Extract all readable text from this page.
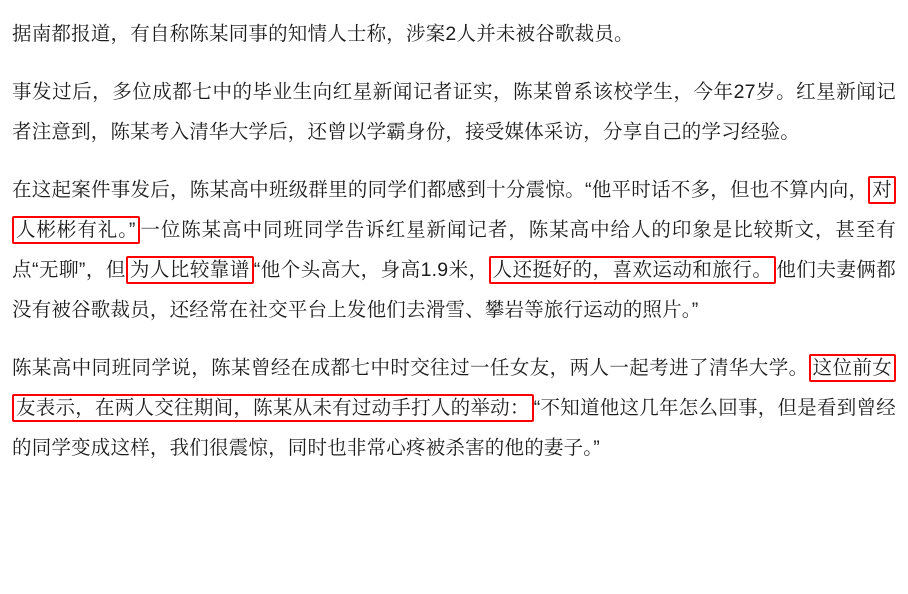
据南都报道，有自称陈某同事的知情人士称，涉案2人并未被谷歌裁员。

事发过后，多位成都七中的毕业生向红星新闻记者证实，陈某曾系该校学生，今年27岁。红星新闻记者注意到，陈某考入清华大学后，还曾以学霸身份，接受媒体采访，分享自己的学习经验。

在这起案件事发后，陈某高中班级群里的同学们都感到十分震惊。“他平时话不多，但也不算内向， 对人彬彬有礼。” 一位陈某高中同班同学告诉红星新闻记者，陈某高中给人的印象是比较斯文，甚至有点“无聊”，但 为人比较靠谱 “他个头高大，身高1.9米， 人还挺好的，喜欢运动和旅行。 他们夫妻俩都没有被谷歌裁员，还经常在社交平台上发他们去滑雪、攀岩等旅行运动的照片。”

陈某高中同班同学说，陈某曾经在成都七中时交往过一任女友，两人一起考进了清华大学。 这位前女友表示，在两人交往期间，陈某从未有过动手打人的举动： “不知道他这几年怎么回事，但是看到曾经的同学变成这样，我们很震惊，同时也非常心疼被杀害的他的妻子。”
